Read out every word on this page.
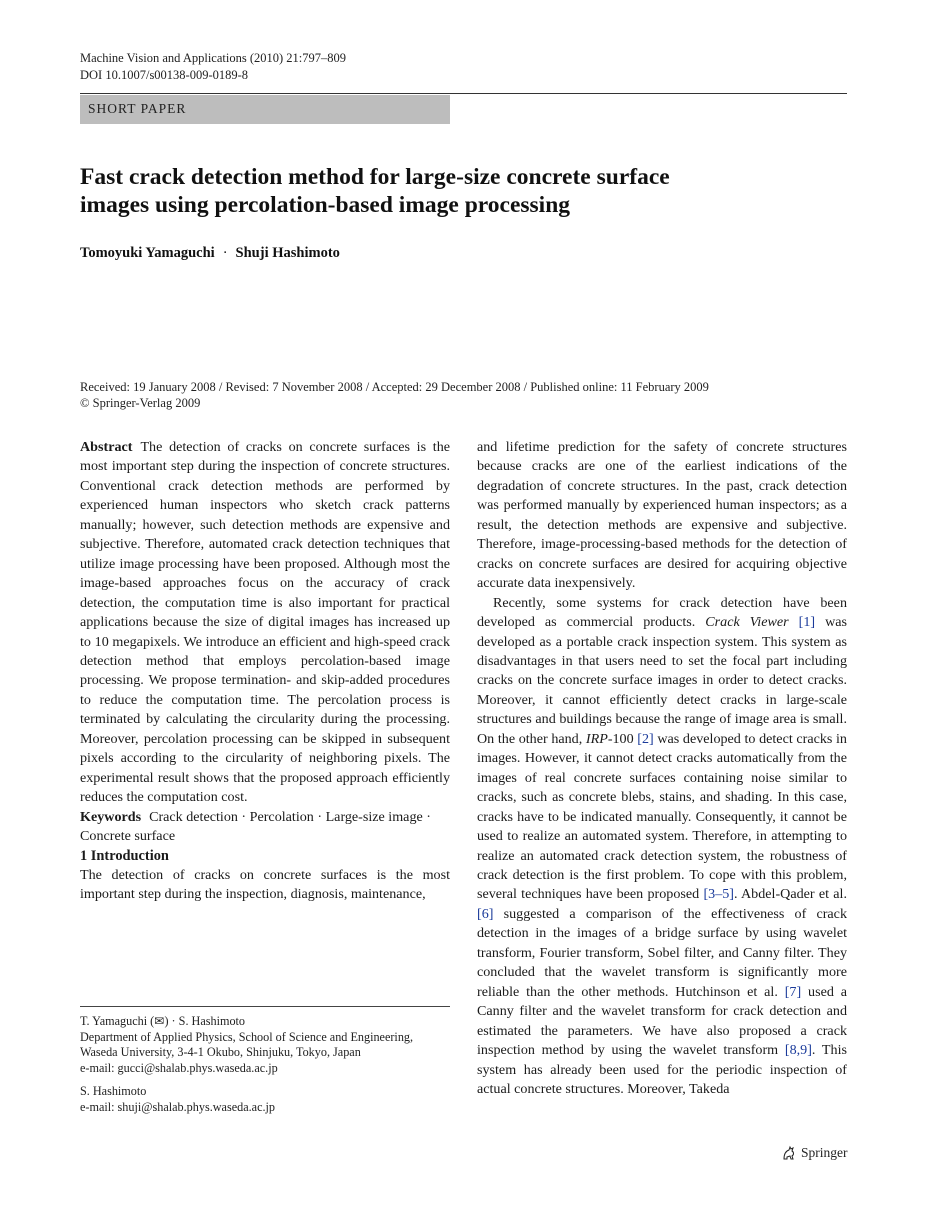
Machine Vision and Applications (2010) 21:797–809
DOI 10.1007/s00138-009-0189-8
SHORT PAPER
Fast crack detection method for large-size concrete surface
images using percolation-based image processing
Tomoyuki Yamaguchi · Shuji Hashimoto
Received: 19 January 2008 / Revised: 7 November 2008 / Accepted: 29 December 2008 / Published online: 11 February 2009
© Springer-Verlag 2009

Abstract The detection of cracks on concrete surfaces is the most important step during the inspection of concrete structures. Conventional crack detection methods are performed by experienced human inspectors who sketch crack patterns manually; however, such detection methods are expensive and subjective. Therefore, automated crack detection techniques that utilize image processing have been proposed. Although most the image-based approaches focus on the accuracy of crack detection, the computation time is also important for practical applications because the size of digital images has increased up to 10 megapixels. We introduce an efficient and high-speed crack detection method that employs percolation-based image processing. We propose termination- and skip-added procedures to reduce the computation time. The percolation process is terminated by calculating the circularity during the processing. Moreover, percolation processing can be skipped in subsequent pixels according to the circularity of neighboring pixels. The experimental result shows that the proposed approach efficiently reduces the computation cost.

Keywords Crack detection · Percolation · Large-size image · Concrete surface

1 Introduction

The detection of cracks on concrete surfaces is the most important step during the inspection, diagnosis, maintenance,

T. Yamaguchi (✉) · S. Hashimoto
Department of Applied Physics, School of Science and Engineering,
Waseda University, 3-4-1 Okubo, Shinjuku, Tokyo, Japan
e-mail: gucci@shalab.phys.waseda.ac.jp
S. Hashimoto
e-mail: shuji@shalab.phys.waseda.ac.jp

and lifetime prediction for the safety of concrete structures because cracks are one of the earliest indications of the degradation of concrete structures. In the past, crack detection was performed manually by experienced human inspectors; as a result, the detection methods are expensive and subjective. Therefore, image-processing-based methods for the detection of cracks on concrete surfaces are desired for acquiring objective accurate data inexpensively.

Recently, some systems for crack detection have been developed as commercial products. Crack Viewer [1] was developed as a portable crack inspection system. This system as disadvantages in that users need to set the focal part including cracks on the concrete surface images in order to detect cracks. Moreover, it cannot efficiently detect cracks in large-scale structures and buildings because the range of image area is small. On the other hand, IRP-100 [2] was developed to detect cracks in images. However, it cannot detect cracks automatically from the images of real concrete surfaces containing noise similar to cracks, such as concrete blebs, stains, and shading. In this case, cracks have to be indicated manually. Consequently, it cannot be used to realize an automated system. Therefore, in attempting to realize an automated crack detection system, the robustness of crack detection is the first problem. To cope with this problem, several techniques have been proposed [3–5]. Abdel-Qader et al. [6] suggested a comparison of the effectiveness of crack detection in the images of a bridge surface by using wavelet transform, Fourier transform, Sobel filter, and Canny filter. They concluded that the wavelet transform is significantly more reliable than the other methods. Hutchinson et al. [7] used a Canny filter and the wavelet transform for crack detection and estimated the parameters. We have also proposed a crack inspection method by using the wavelet transform [8,9]. This system has already been used for the periodic inspection of actual concrete structures. Moreover, Takeda

Springer
